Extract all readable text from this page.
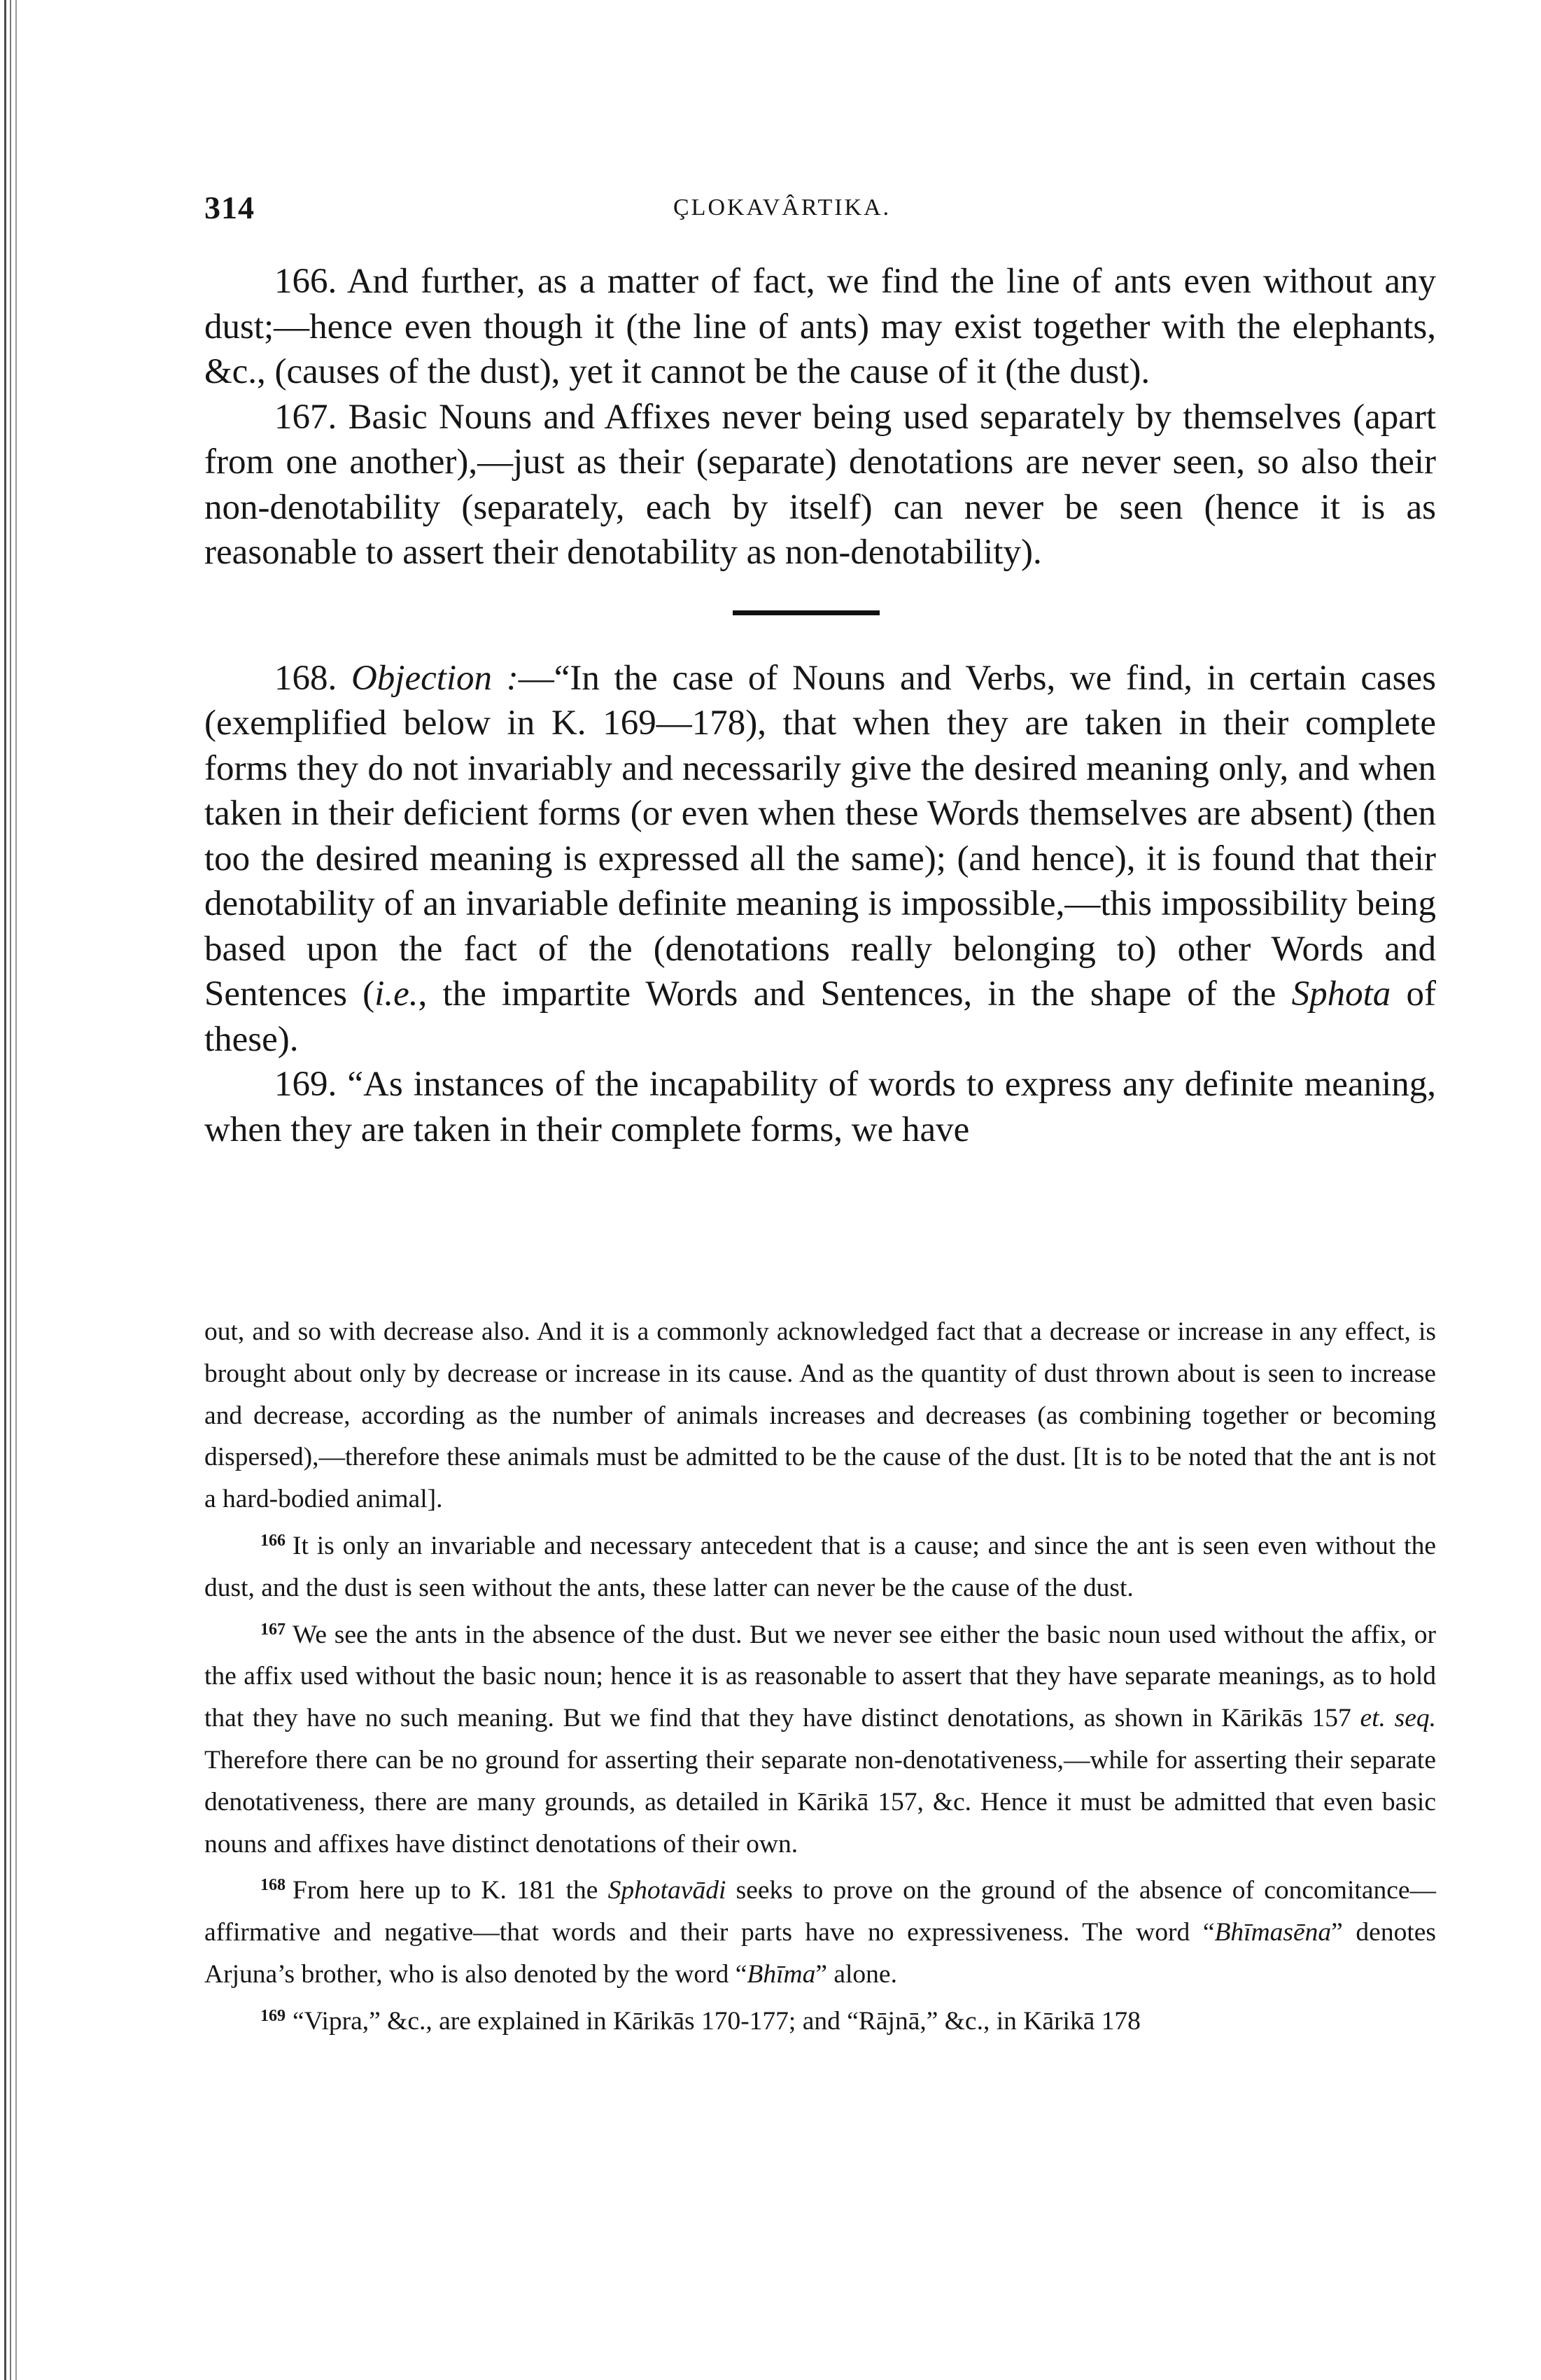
314	ÇLOKAVÂRTIKA.

166. And further, as a matter of fact, we find the line of ants even without any dust;—hence even though it (the line of ants) may exist together with the elephants, &c., (causes of the dust), yet it cannot be the cause of it (the dust).

167. Basic Nouns and Affixes never being used separately by themselves (apart from one another),—just as their (separate) denotations are never seen, so also their non-denotability (separately, each by itself) can never be seen (hence it is as reasonable to assert their denotability as non-denotability).

168. Objection :—“In the case of Nouns and Verbs, we find, in certain cases (exemplified below in K. 169—178), that when they are taken in their complete forms they do not invariably and necessarily give the desired meaning only, and when taken in their deficient forms (or even when these Words themselves are absent) (then too the desired meaning is expressed all the same); (and hence), it is found that their denotability of an invariable definite meaning is impossible,—this impossibility being based upon the fact of the (denotations really belonging to) other Words and Sentences (i.e., the impartite Words and Sentences, in the shape of the Sphota of these).

169. “As instances of the incapability of words to express any definite meaning, when they are taken in their complete forms, we have

out, and so with decrease also. And it is a commonly acknowledged fact that a decrease or increase in any effect, is brought about only by decrease or increase in its cause. And as the quantity of dust thrown about is seen to increase and decrease, according as the number of animals increases and decreases (as combining together or becoming dispersed),—therefore these animals must be admitted to be the cause of the dust. [It is to be noted that the ant is not a hard-bodied animal].

$^{166}$ It is only an invariable and necessary antecedent that is a cause; and since the ant is seen even without the dust, and the dust is seen without the ants, these latter can never be the cause of the dust.

$^{167}$ We see the ants in the absence of the dust. But we never see either the basic noun used without the affix, or the affix used without the basic noun; hence it is as reasonable to assert that they have separate meanings, as to hold that they have no such meaning. But we find that they have distinct denotations, as shown in Kārikās 157 et. seq. Therefore there can be no ground for asserting their separate non-denotativeness,—while for asserting their separate denotativeness, there are many grounds, as detailed in Kārikā 157, &c. Hence it must be admitted that even basic nouns and affixes have distinct denotations of their own.

$^{168}$ From here up to K. 181 the Sphotavādi seeks to prove on the ground of the absence of concomitance—affirmative and negative—that words and their parts have no expressiveness. The word “Bhīmasēna” denotes Arjuna’s brother, who is also denoted by the word “Bhīma” alone.

$^{169}$ “Vipra,” &c., are explained in Kārikās 170-177; and “Rājnā,” &c., in Kārikā 178
